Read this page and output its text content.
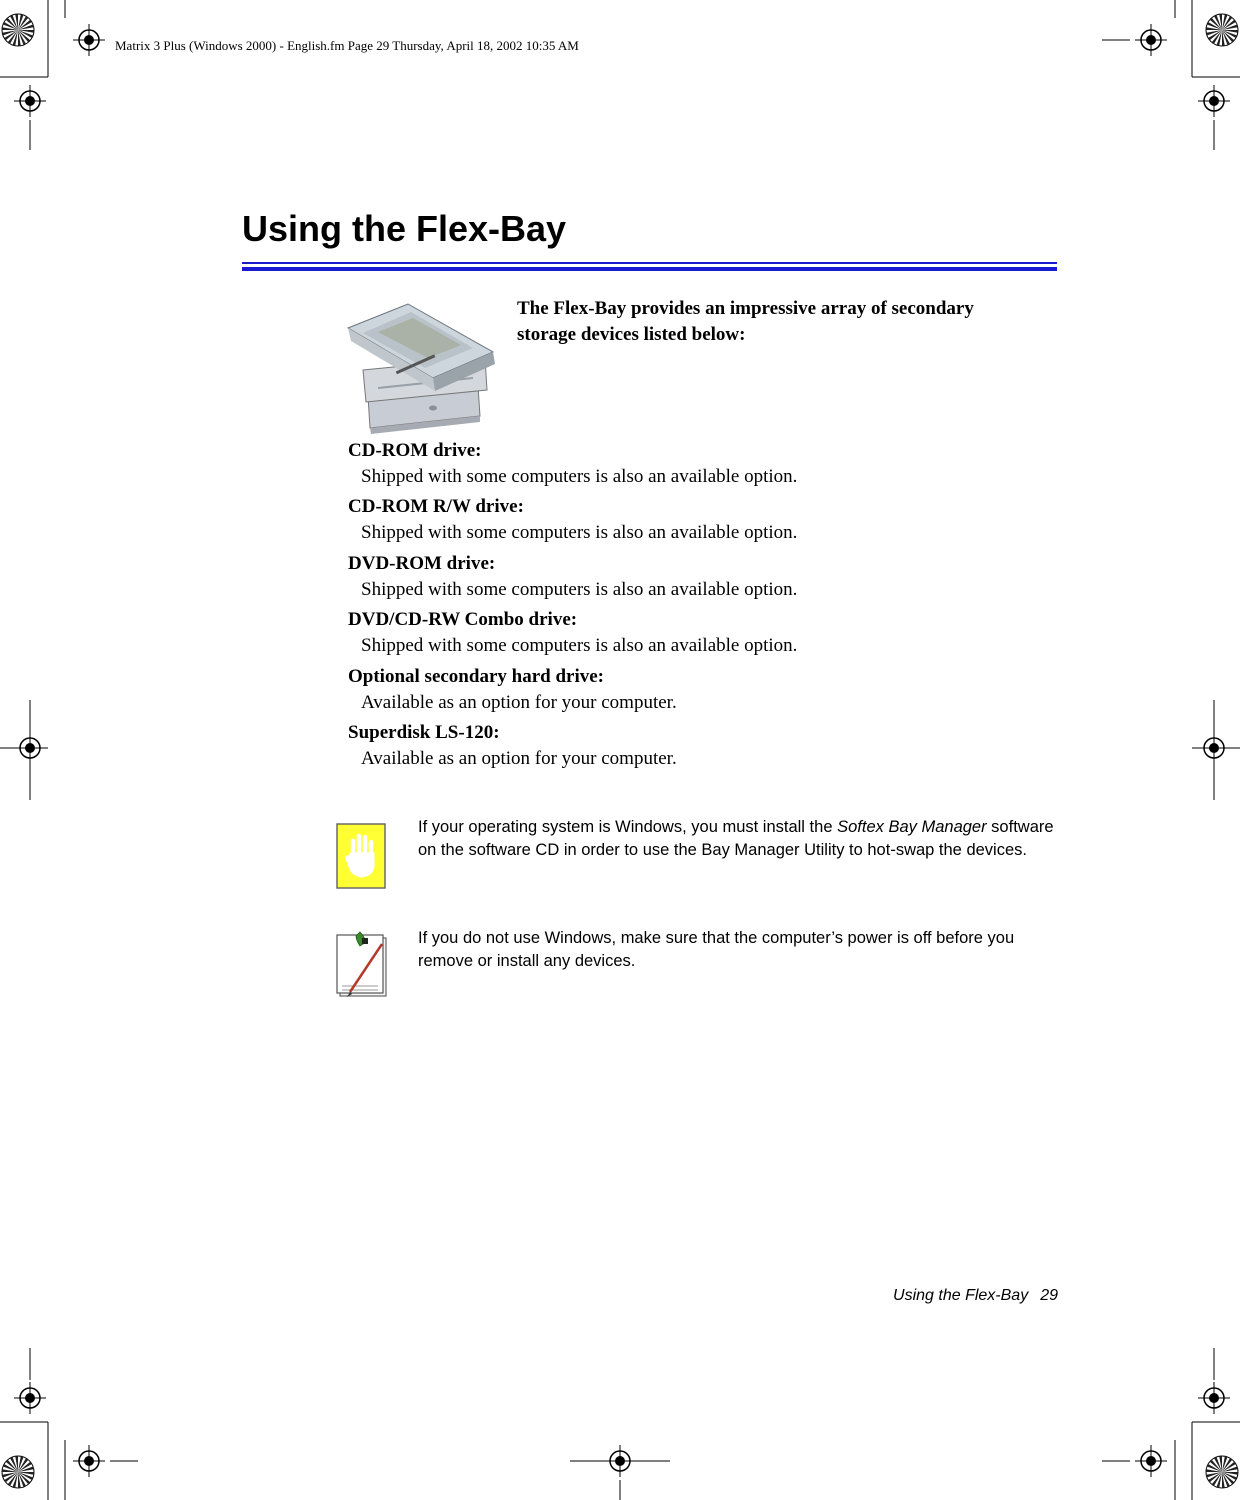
Matrix 3 Plus (Windows 2000) - English.fm Page 29 Thursday, April 18, 2002 10:35 AM
Using the Flex-Bay

The Flex-Bay provides an impressive array of secondary storage devices listed below:

CD-ROM drive:
Shipped with some computers is also an available option.
CD-ROM R/W drive:
Shipped with some computers is also an available option.
DVD-ROM drive:
Shipped with some computers is also an available option.
DVD/CD-RW Combo drive:
Shipped with some computers is also an available option.
Optional secondary hard drive:
Available as an option for your computer.
Superdisk LS-120:
Available as an option for your computer.

If your operating system is Windows, you must install the Softex Bay Manager software on the software CD in order to use the Bay Manager Utility to hot-swap the devices.

If you do not use Windows, make sure that the computer’s power is off before you remove or install any devices.

Using the Flex-Bay 29
